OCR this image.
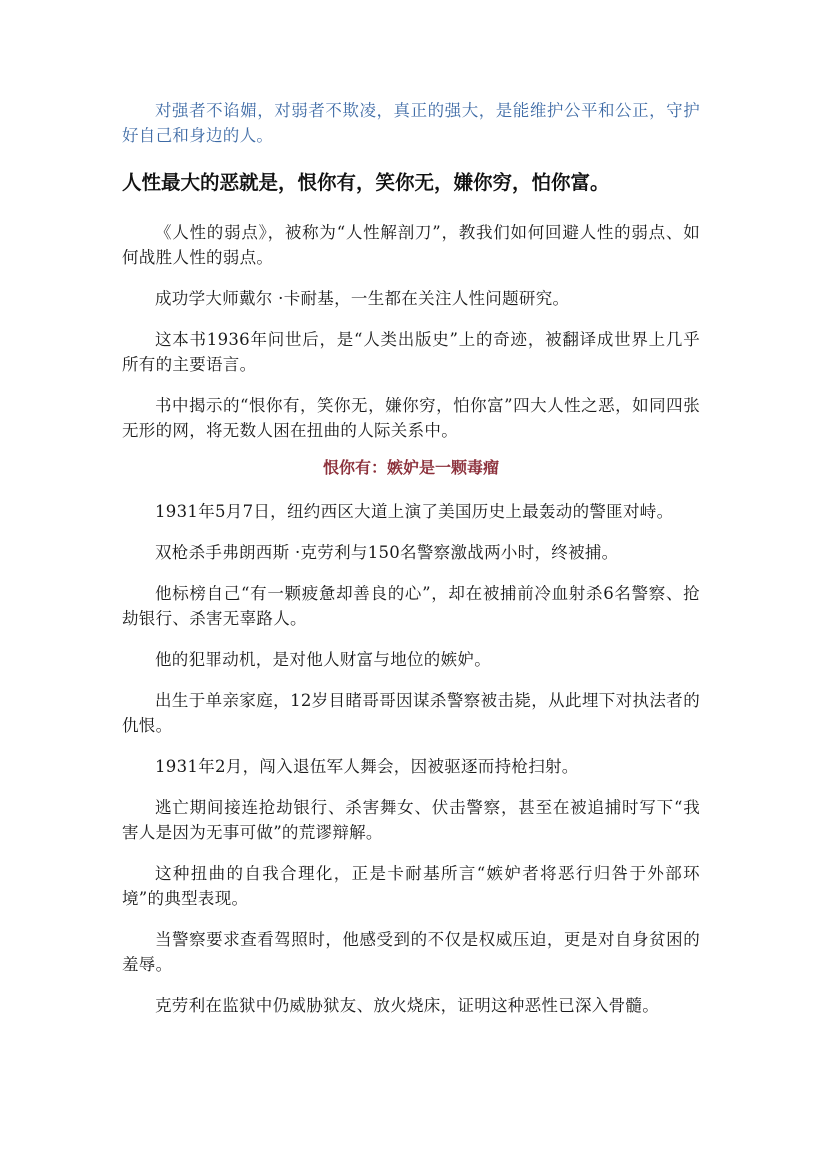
对强者不谄媚，对弱者不欺凌，真正的强大，是能维护公平和公正，守护好自己和身边的人。

人性最大的恶就是，恨你有，笑你无，嫌你穷，怕你富。

《人性的弱点》，被称为“人性解剖刀”，教我们如何回避人性的弱点、如何战胜人性的弱点。

成功学大师戴尔 ·卡耐基，一生都在关注人性问题研究。

这本书1936年问世后，是“人类出版史”上的奇迹，被翻译成世界上几乎所有的主要语言。

书中揭示的“恨你有，笑你无，嫌你穷，怕你富”四大人性之恶，如同四张无形的网，将无数人困在扭曲的人际关系中。

恨你有：嫉妒是一颗毒瘤

1931年5月7日，纽约西区大道上演了美国历史上最轰动的警匪对峙。

双枪杀手弗朗西斯 ·克劳利与150名警察激战两小时，终被捕。

他标榜自己“有一颗疲惫却善良的心”，却在被捕前冷血射杀6名警察、抢劫银行、杀害无辜路人。

他的犯罪动机，是对他人财富与地位的嫉妒。

出生于单亲家庭，12岁目睹哥哥因谋杀警察被击毙，从此埋下对执法者的仇恨。

1931年2月，闯入退伍军人舞会，因被驱逐而持枪扫射。

逃亡期间接连抢劫银行、杀害舞女、伏击警察，甚至在被追捕时写下“我害人是因为无事可做”的荒谬辩解。

这种扭曲的自我合理化，正是卡耐基所言“嫉妒者将恶行归咎于外部环境”的典型表现。

当警察要求查看驾照时，他感受到的不仅是权威压迫，更是对自身贫困的羞辱。

克劳利在监狱中仍威胁狱友、放火烧床，证明这种恶性已深入骨髓。
